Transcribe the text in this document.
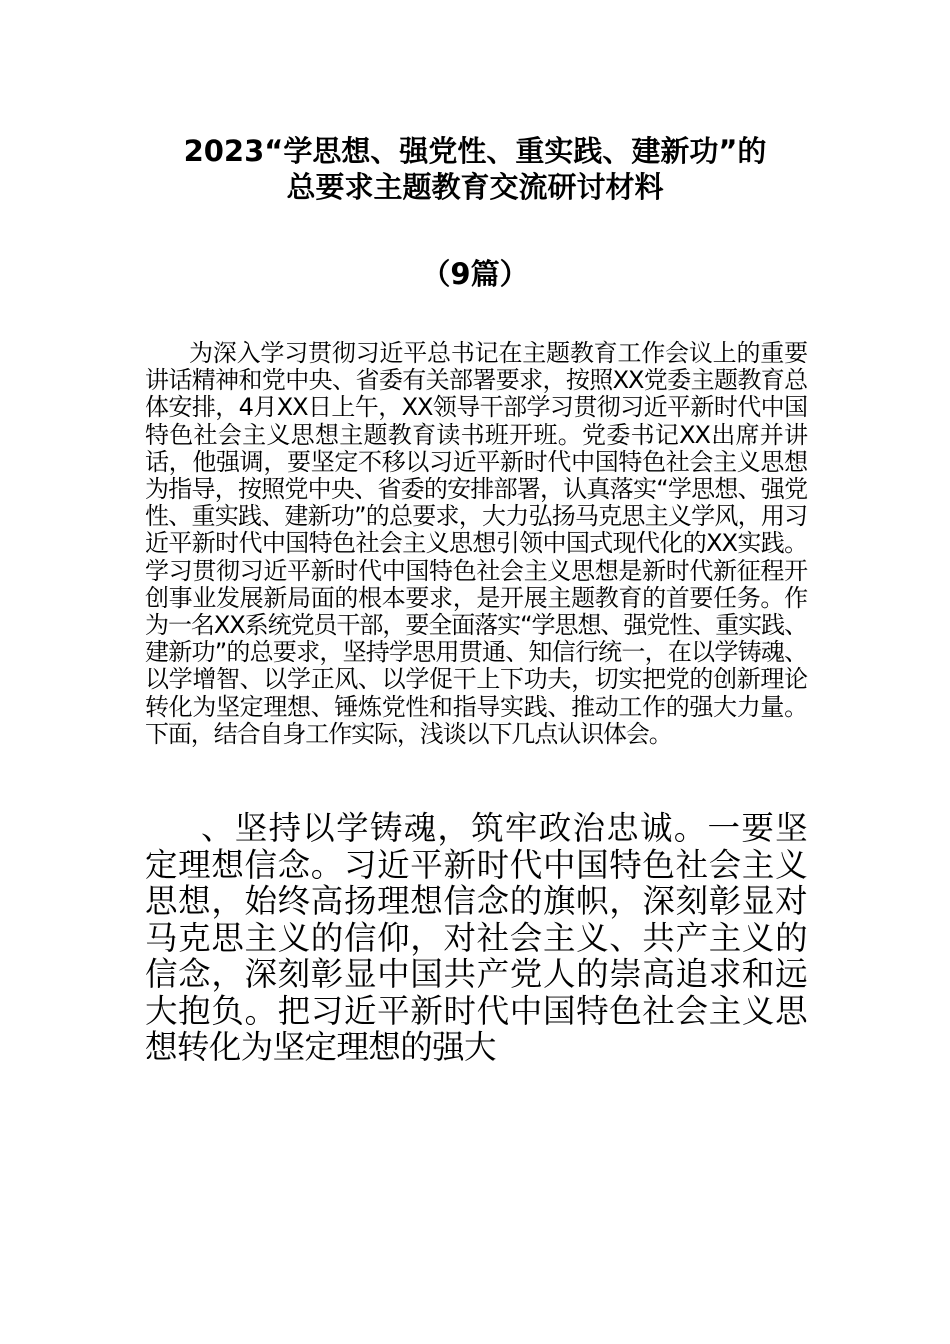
2023“学思想、强党性、重实践、建新功”的
总要求主题教育交流研讨材料
（9篇）

为深入学习贯彻习近平总书记在主题教育工作会议上的重要讲话精神和党中央、省委有关部署要求，按照XX党委主题教育总体安排，4月XX日上午，XX领导干部学习贯彻习近平新时代中国特色社会主义思想主题教育读书班开班。党委书记XX出席并讲话，他强调，要坚定不移以习近平新时代中国特色社会主义思想为指导，按照党中央、省委的安排部署，认真落实“学思想、强党性、重实践、建新功”的总要求，大力弘扬马克思主义学风，用习近平新时代中国特色社会主义思想引领中国式现代化的XX实践。学习贯彻习近平新时代中国特色社会主义思想是新时代新征程开创事业发展新局面的根本要求，是开展主题教育的首要任务。作为一名XX系统党员干部，要全面落实“学思想、强党性、重实践、建新功”的总要求，坚持学思用贯通、知信行统一，在以学铸魂、以学增智、以学正风、以学促干上下功夫，切实把党的创新理论转化为坚定理想、锤炼党性和指导实践、推动工作的强大力量。下面，结合自身工作实际，浅谈以下几点认识体会。

、坚持以学铸魂，筑牢政治忠诚。一要坚定理想信念。习近平新时代中国特色社会主义思想，始终高扬理想信念的旗帜，深刻彰显对马克思主义的信仰，对社会主义、共产主义的信念，深刻彰显中国共产党人的崇高追求和远大抱负。把习近平新时代中国特色社会主义思想转化为坚定理想的强大
